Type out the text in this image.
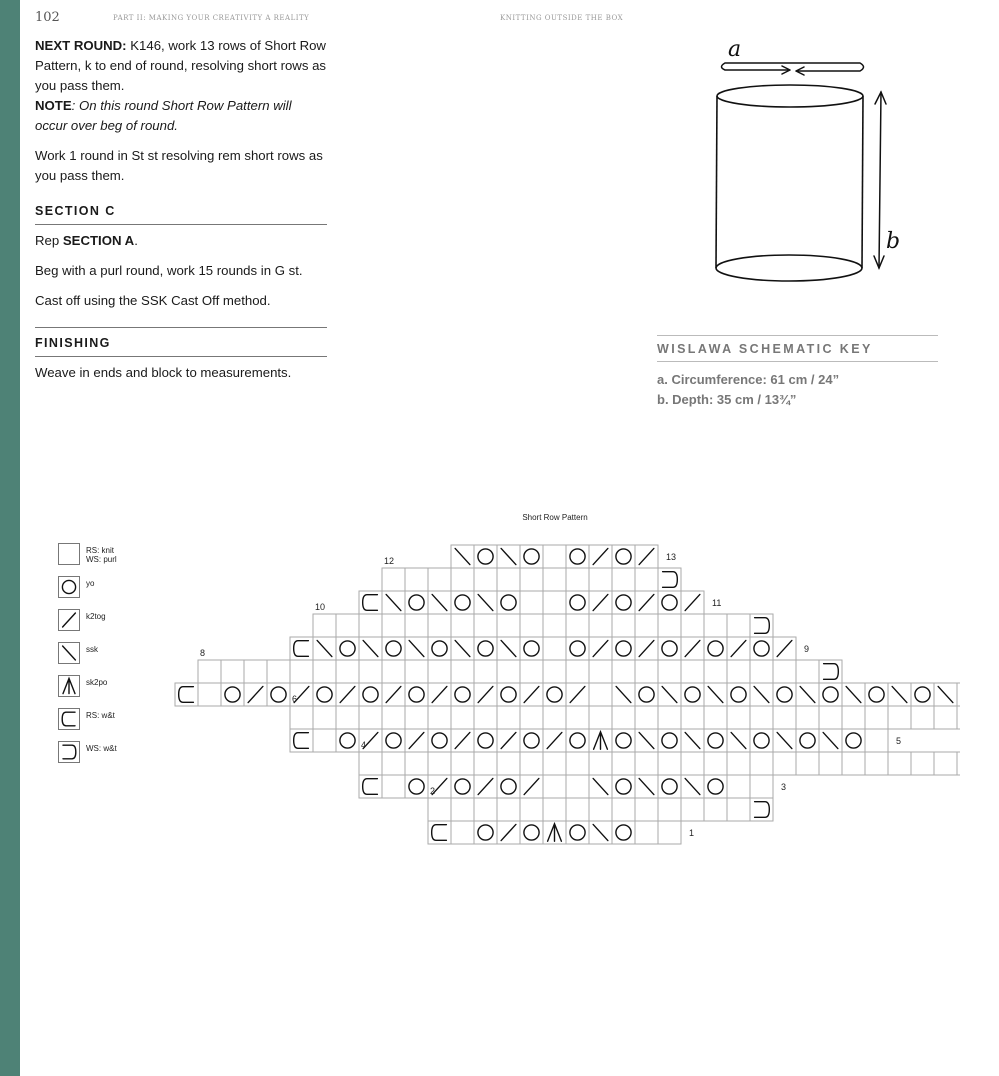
102	PART II: MAKING YOUR CREATIVITY A REALITY	KNITTING OUTSIDE THE BOX

NEXT ROUND: K146, work 13 rows of Short Row Pattern, k to end of round, resolving short rows as you pass them.
NOTE: On this round Short Row Pattern will occur over beg of round.

Work 1 round in St st resolving rem short rows as you pass them.

SECTION C

Rep SECTION A.

Beg with a purl round, work 15 rounds in G st.

Cast off using the SSK Cast Off method.

FINISHING

Weave in ends and block to measurements.

a
b
WISLAWA SCHEMATIC KEY
a. Circumference: 61 cm / 24”
b. Depth: 35 cm / 13¾”
Short Row Pattern
RS: knit
WS: purl
yo
k2tog
ssk
sk2po
RS: w&t
WS: w&t
13
12
11
10
9
8
6
5
4
3
2
1
